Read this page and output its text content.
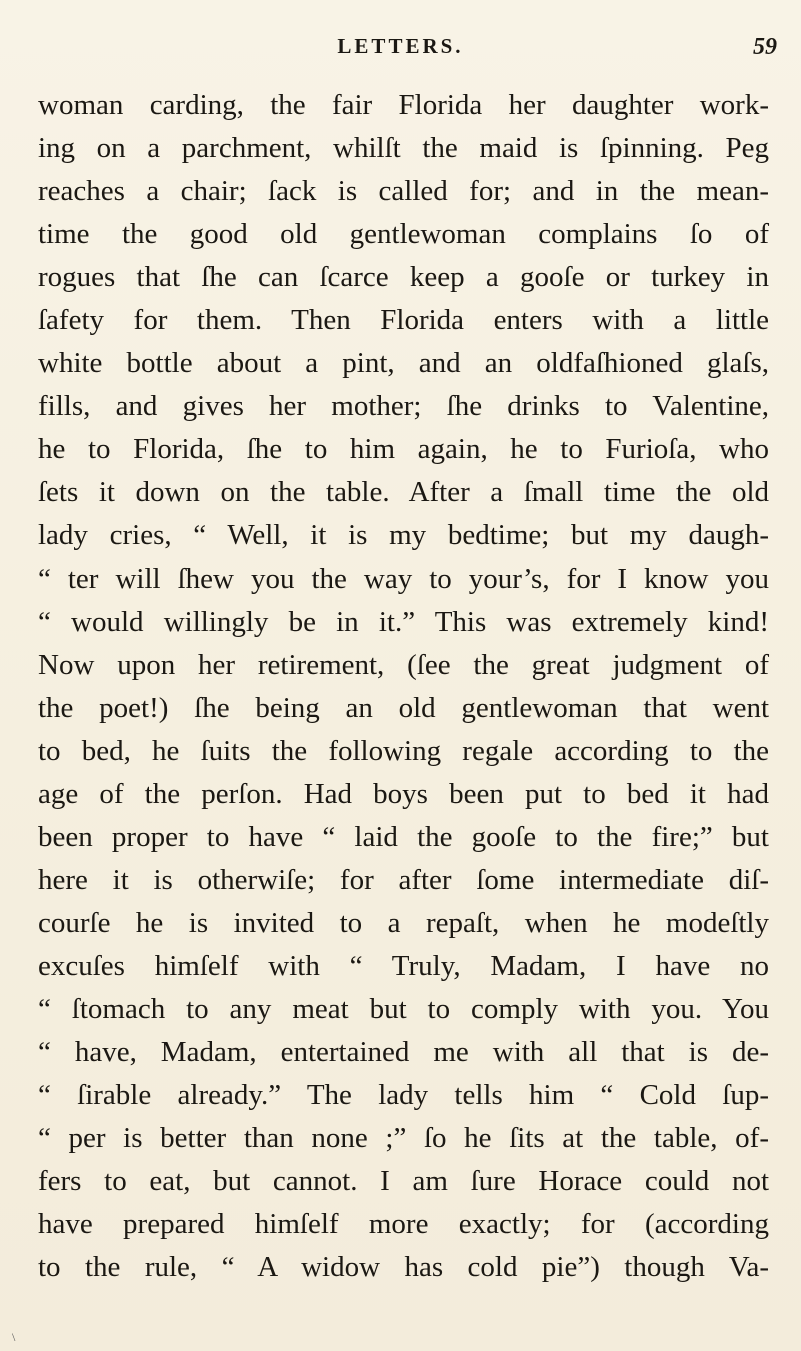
LETTERS.	59
woman carding, the fair Florida her daughter work-
ing on a parchment, whilſt the maid is ſpinning. Peg
reaches a chair; ſack is called for; and in the mean-
time the good old gentlewoman complains ſo of
rogues that ſhe can ſcarce keep a gooſe or turkey in
ſafety for them. Then Florida enters with a little
white bottle about a pint, and an oldfaſhioned glaſs,
fills, and gives her mother; ſhe drinks to Valentine,
he to Florida, ſhe to him again, he to Furioſa, who
ſets it down on the table. After a ſmall time the old
lady cries, “ Well, it is my bedtime; but my daugh-
“ ter will ſhew you the way to your’s, for I know you
“ would willingly be in it.” This was extremely kind!
Now upon her retirement, (ſee the great judgment of
the poet!) ſhe being an old gentlewoman that went
to bed, he ſuits the following regale according to the
age of the perſon. Had boys been put to bed it had
been proper to have “ laid the gooſe to the fire;” but
here it is otherwiſe; for after ſome intermediate diſ-
courſe he is invited to a repaſt, when he modeſtly
excuſes himſelf with “ Truly, Madam, I have no
“ ſtomach to any meat but to comply with you. You
“ have, Madam, entertained me with all that is de-
“ ſirable already.” The lady tells him “ Cold ſup-
“ per is better than none ;” ſo he ſits at the table, of-
fers to eat, but cannot. I am ſure Horace could not
have prepared himſelf more exactly; for (according
to the rule, “ A widow has cold pie”) though Va-
\
